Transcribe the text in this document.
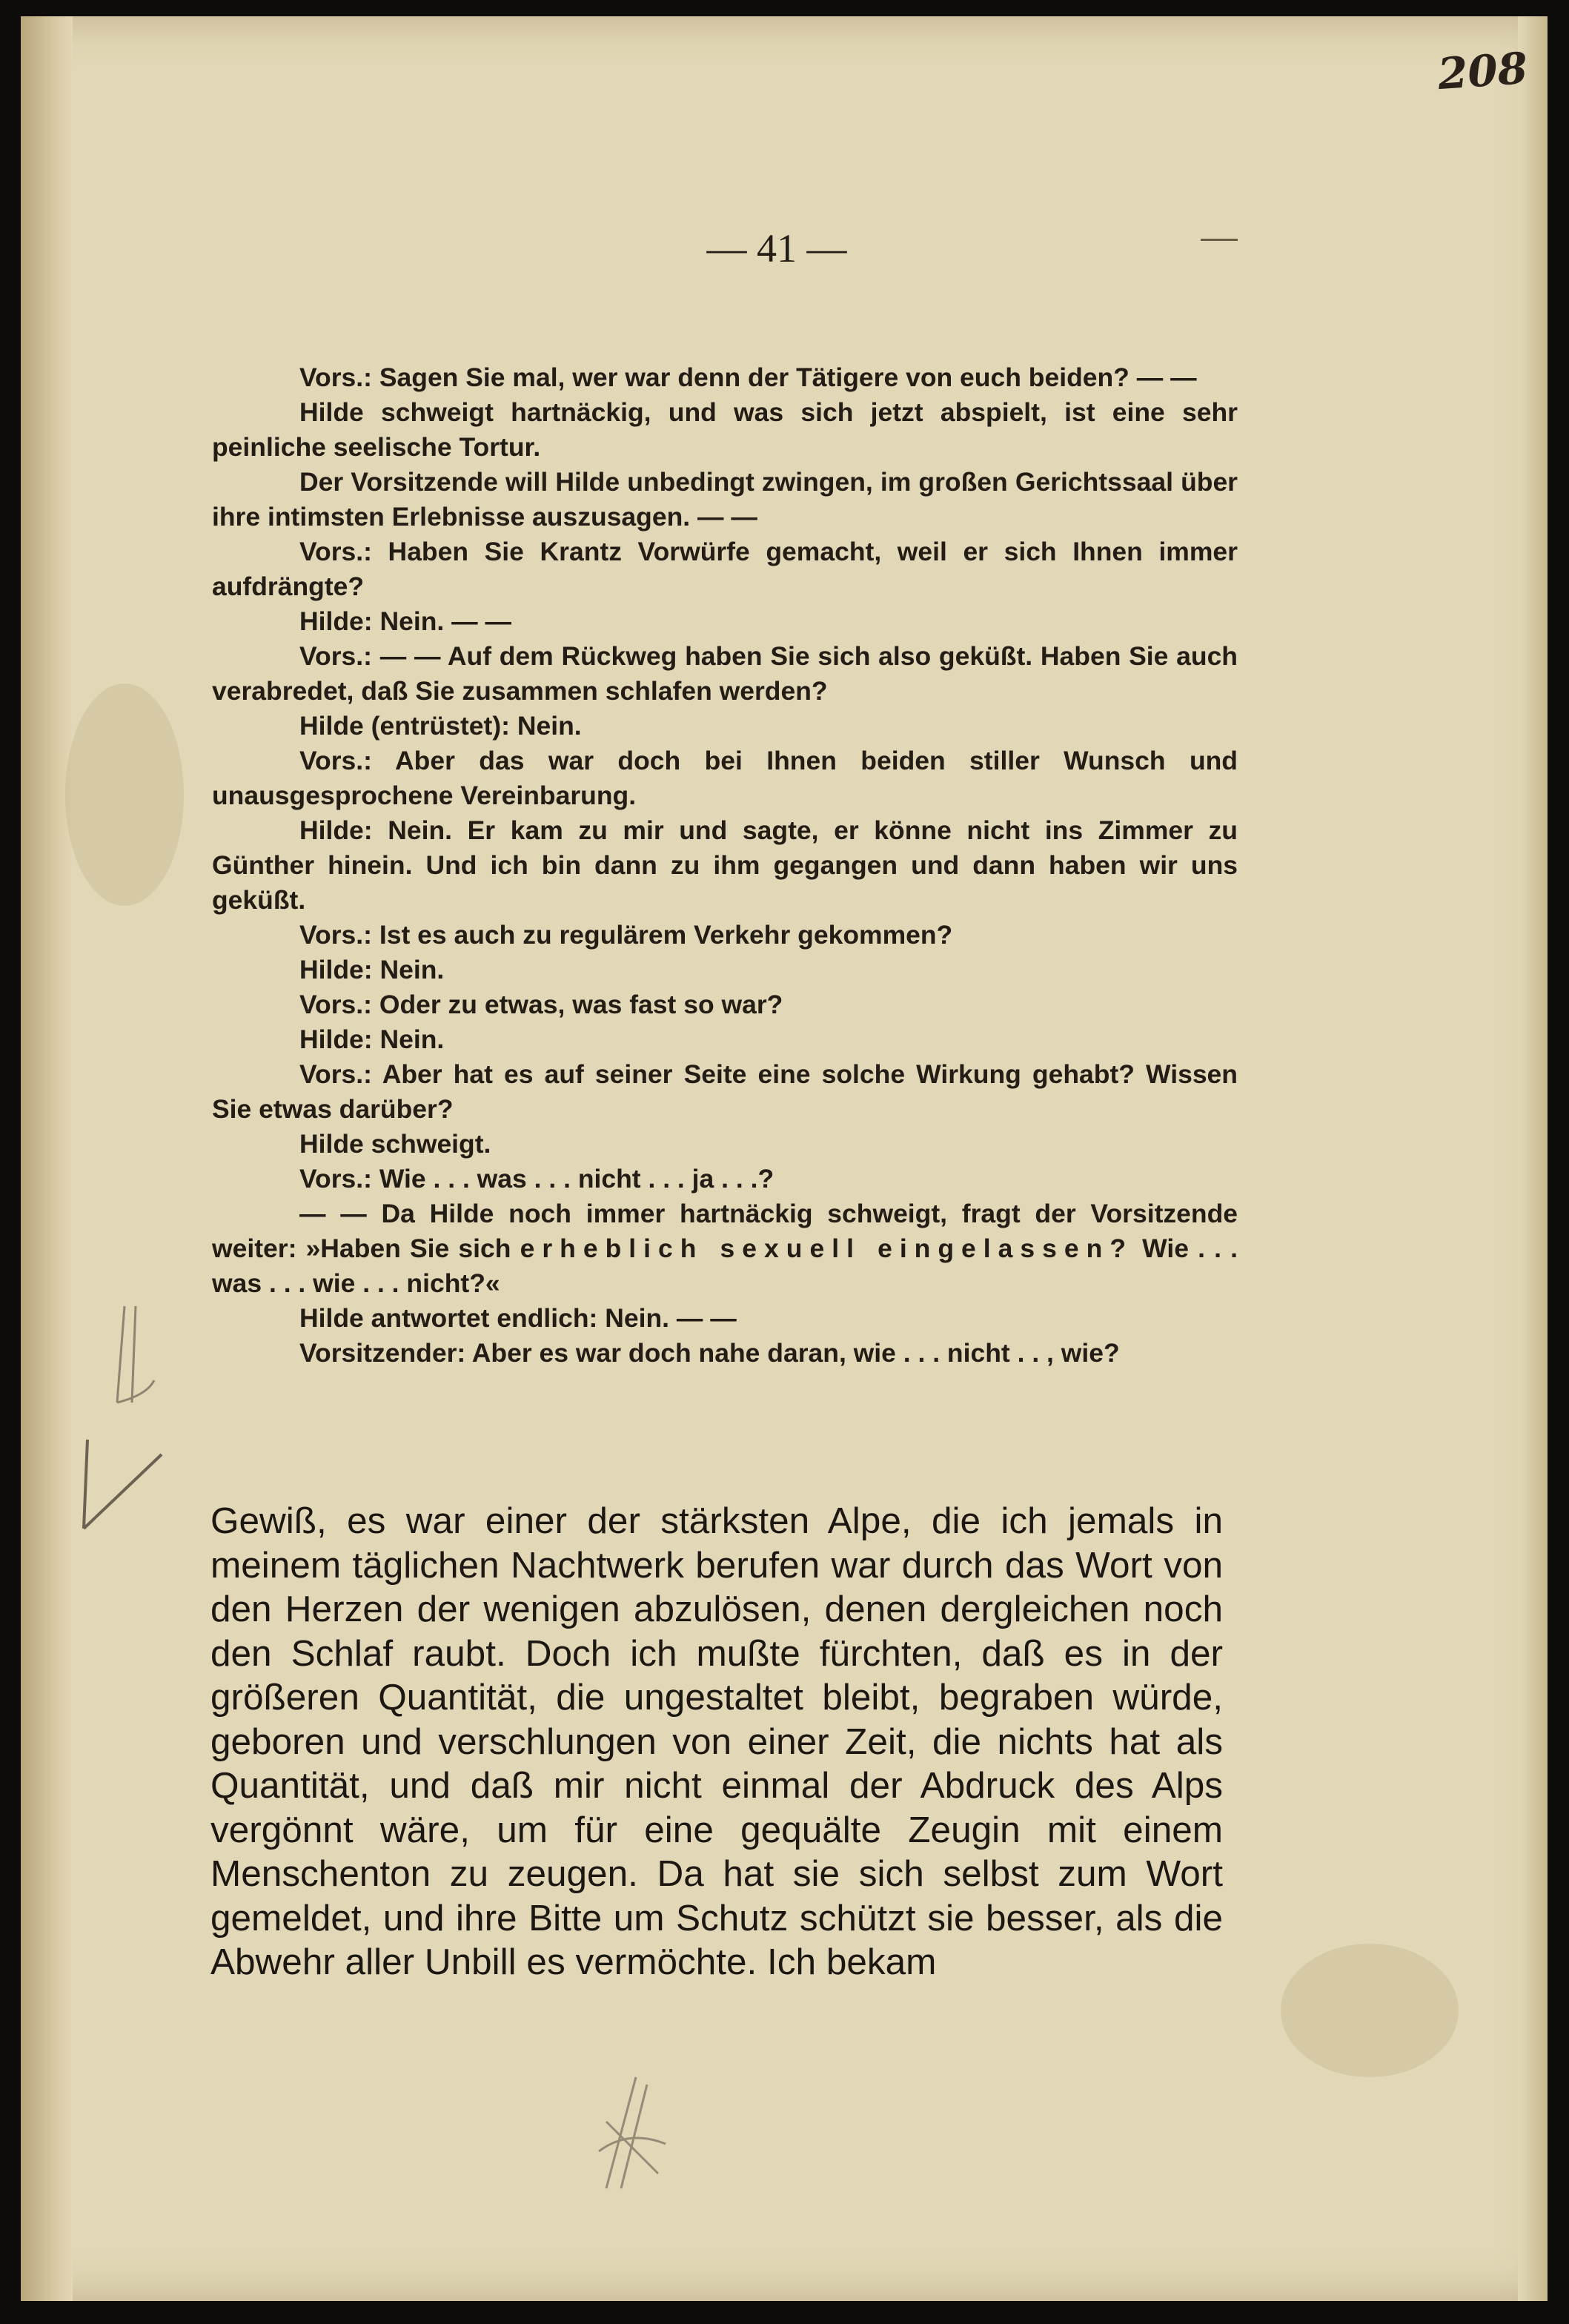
208
— 41 —

Vors.: Sagen Sie mal, wer war denn der Tätigere von euch beiden? — —

Hilde schweigt hartnäckig, und was sich jetzt abspielt, ist eine sehr peinliche seelische Tortur.

Der Vorsitzende will Hilde unbedingt zwingen, im großen Gerichtssaal über ihre intimsten Erlebnisse auszusagen. — —

Vors.: Haben Sie Krantz Vorwürfe gemacht, weil er sich Ihnen immer aufdrängte?

Hilde: Nein. — —

Vors.: — — Auf dem Rückweg haben Sie sich also geküßt. Haben Sie auch verabredet, daß Sie zusammen schlafen werden?

Hilde (entrüstet): Nein.

Vors.: Aber das war doch bei Ihnen beiden stiller Wunsch und unausgesprochene Vereinbarung.

Hilde: Nein. Er kam zu mir und sagte, er könne nicht ins Zimmer zu Günther hinein. Und ich bin dann zu ihm gegangen und dann haben wir uns geküßt.

Vors.: Ist es auch zu regulärem Verkehr gekommen?

Hilde: Nein.

Vors.: Oder zu etwas, was fast so war?

Hilde: Nein.

Vors.: Aber hat es auf seiner Seite eine solche Wirkung gehabt? Wissen Sie etwas darüber?

Hilde schweigt.

Vors.: Wie . . . was . . . nicht . . . ja . . .?

— — Da Hilde noch immer hartnäckig schweigt, fragt der Vorsitzende weiter: »Haben Sie sich erheblich sexuell eingelassen? Wie . . . was . . . wie . . . nicht?«

Hilde antwortet endlich: Nein. — —

Vorsitzender: Aber es war doch nahe daran, wie . . . nicht . . , wie?

Gewiß, es war einer der stärksten Alpe, die ich jemals in meinem täglichen Nachtwerk berufen war durch das Wort von den Herzen der wenigen abzulösen, denen dergleichen noch den Schlaf raubt. Doch ich mußte fürchten, daß es in der größeren Quantität, die ungestaltet bleibt, begraben würde, geboren und verschlungen von einer Zeit, die nichts hat als Quantität, und daß mir nicht einmal der Abdruck des Alps vergönnt wäre, um für eine gequälte Zeugin mit einem Menschenton zu zeugen. Da hat sie sich selbst zum Wort gemeldet, und ihre Bitte um Schutz schützt sie besser, als die Abwehr aller Unbill es vermöchte. Ich bekam
